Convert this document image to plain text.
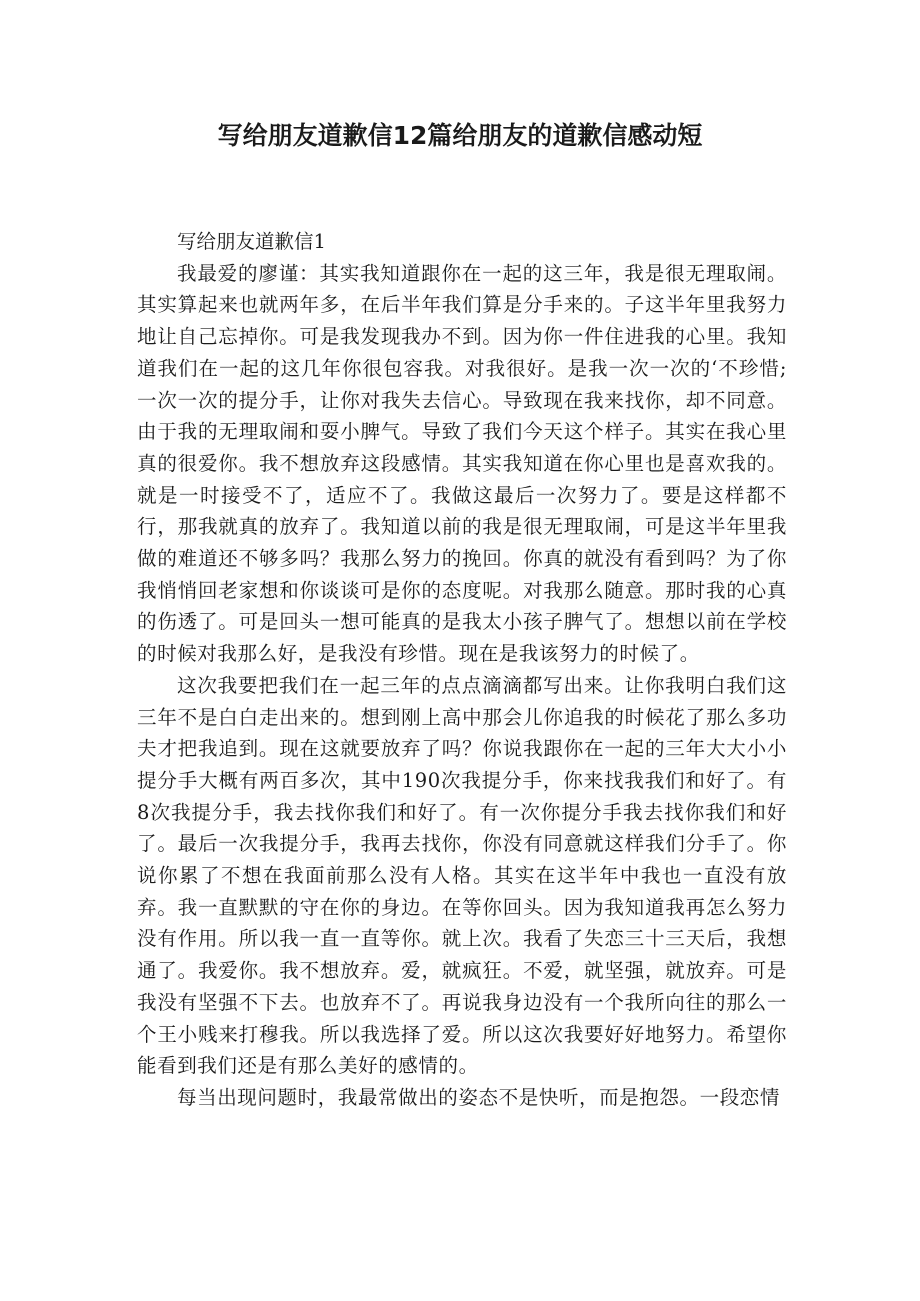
写给朋友道歉信12篇给朋友的道歉信感动短

写给朋友道歉信1

我最爱的廖谨：其实我知道跟你在一起的这三年，我是很无理取闹。其实算起来也就两年多，在后半年我们算是分手来的。子这半年里我努力地让自己忘掉你。可是我发现我办不到。因为你一件住进我的心里。我知道我们在一起的这几年你很包容我。对我很好。是我一次一次的‘不珍惜;一次一次的提分手，让你对我失去信心。导致现在我来找你，却不同意。由于我的无理取闹和耍小脾气。导致了我们今天这个样子。其实在我心里真的很爱你。我不想放弃这段感情。其实我知道在你心里也是喜欢我的。就是一时接受不了，适应不了。我做这最后一次努力了。要是这样都不行，那我就真的放弃了。我知道以前的我是很无理取闹，可是这半年里我做的难道还不够多吗？我那么努力的挽回。你真的就没有看到吗？为了你我悄悄回老家想和你谈谈可是你的态度呢。对我那么随意。那时我的心真的伤透了。可是回头一想可能真的是我太小孩子脾气了。想想以前在学校的时候对我那么好，是我没有珍惜。现在是我该努力的时候了。

这次我要把我们在一起三年的点点滴滴都写出来。让你我明白我们这三年不是白白走出来的。想到刚上高中那会儿你追我的时候花了那么多功夫才把我追到。现在这就要放弃了吗？你说我跟你在一起的三年大大小小提分手大概有两百多次，其中190次我提分手，你来找我我们和好了。有8次我提分手，我去找你我们和好了。有一次你提分手我去找你我们和好了。最后一次我提分手，我再去找你，你没有同意就这样我们分手了。你说你累了不想在我面前那么没有人格。其实在这半年中我也一直没有放弃。我一直默默的守在你的身边。在等你回头。因为我知道我再怎么努力没有作用。所以我一直一直等你。就上次。我看了失恋三十三天后，我想通了。我爱你。我不想放弃。爱，就疯狂。不爱，就坚强，就放弃。可是我没有坚强不下去。也放弃不了。再说我身边没有一个我所向往的那么一个王小贱来打穆我。所以我选择了爱。所以这次我要好好地努力。希望你能看到我们还是有那么美好的感情的。

每当出现问题时，我最常做出的姿态不是快听，而是抱怨。一段恋情
